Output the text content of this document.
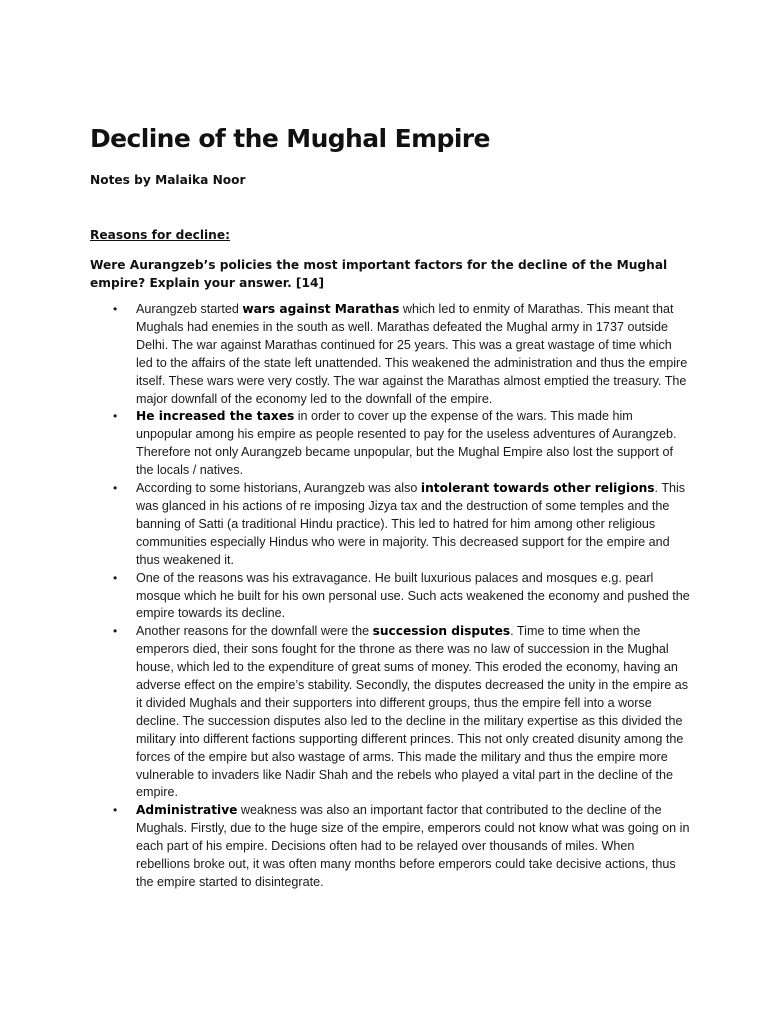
Decline of the Mughal Empire

Notes by Malaika Noor

Reasons for decline:

Were Aurangzeb’s policies the most important factors for the decline of the Mughal empire? Explain your answer. [14]

• Aurangzeb started wars against Marathas which led to enmity of Marathas. This meant that Mughals had enemies in the south as well. Marathas defeated the Mughal army in 1737 outside Delhi. The war against Marathas continued for 25 years. This was a great wastage of time which led to the affairs of the state left unattended. This weakened the administration and thus the empire itself. These wars were very costly. The war against the Marathas almost emptied the treasury. The major downfall of the economy led to the downfall of the empire.
• He increased the taxes in order to cover up the expense of the wars. This made him unpopular among his empire as people resented to pay for the useless adventures of Aurangzeb. Therefore not only Aurangzeb became unpopular, but the Mughal Empire also lost the support of the locals / natives.
• According to some historians, Aurangzeb was also intolerant towards other religions. This was glanced in his actions of re imposing Jizya tax and the destruction of some temples and the banning of Satti (a traditional Hindu practice). This led to hatred for him among other religious communities especially Hindus who were in majority. This decreased support for the empire and thus weakened it.
• One of the reasons was his extravagance. He built luxurious palaces and mosques e.g. pearl mosque which he built for his own personal use. Such acts weakened the economy and pushed the empire towards its decline.
• Another reasons for the downfall were the succession disputes. Time to time when the emperors died, their sons fought for the throne as there was no law of succession in the Mughal house, which led to the expenditure of great sums of money. This eroded the economy, having an adverse effect on the empire’s stability. Secondly, the disputes decreased the unity in the empire as it divided Mughals and their supporters into different groups, thus the empire fell into a worse decline. The succession disputes also led to the decline in the military expertise as this divided the military into different factions supporting different princes. This not only created disunity among the forces of the empire but also wastage of arms. This made the military and thus the empire more vulnerable to invaders like Nadir Shah and the rebels who played a vital part in the decline of the empire.
• Administrative weakness was also an important factor that contributed to the decline of the Mughals. Firstly, due to the huge size of the empire, emperors could not know what was going on in each part of his empire. Decisions often had to be relayed over thousands of miles. When rebellions broke out, it was often many months before emperors could take decisive actions, thus the empire started to disintegrate.
